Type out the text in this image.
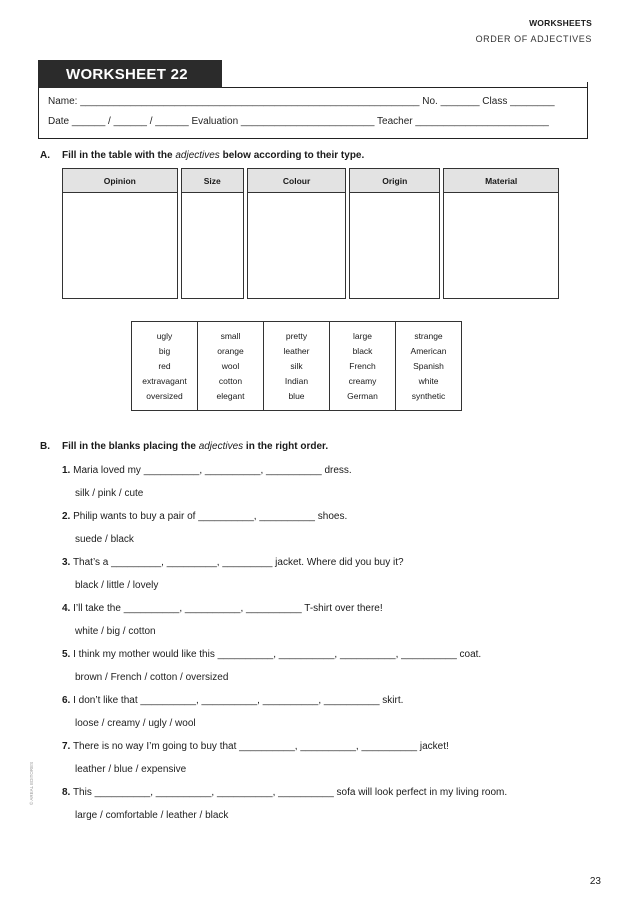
WORKSHEETS
ORDER OF ADJECTIVES
WORKSHEET 22
Name: _____________________________________________________________ No. _______ Class ________
Date ______ / ______ / ______ Evaluation ________________________ Teacher ________________________
A. Fill in the table with the adjectives below according to their type.
Opinion		Size		Colour		Origin		Material

ugly
big
red
extravagant
oversized

small
orange
wool
cotton
elegant

pretty
leather
silk
Indian
blue

large
black
French
creamy
German

strange
American
Spanish
white
synthetic
B. Fill in the blanks placing the adjectives in the right order.
1. Maria loved my __________, __________, __________ dress.
silk / pink / cute
2. Philip wants to buy a pair of __________, __________ shoes.
suede / black
3. That’s a _________, _________, _________ jacket. Where did you buy it?
black / little / lovely
4. I’ll take the __________, __________, __________ T-shirt over there!
white / big / cotton
5. I think my mother would like this __________, __________, __________, __________ coat.
brown / French / cotton / oversized
6. I don’t like that __________, __________, __________, __________ skirt.
loose / creamy / ugly / wool
7. There is no way I’m going to buy that __________, __________, __________ jacket!
leather / blue / expensive
8. This __________, __________, __________, __________ sofa will look perfect in my living room.
large / comfortable / leather / black
© AREAL EDITORES
23
